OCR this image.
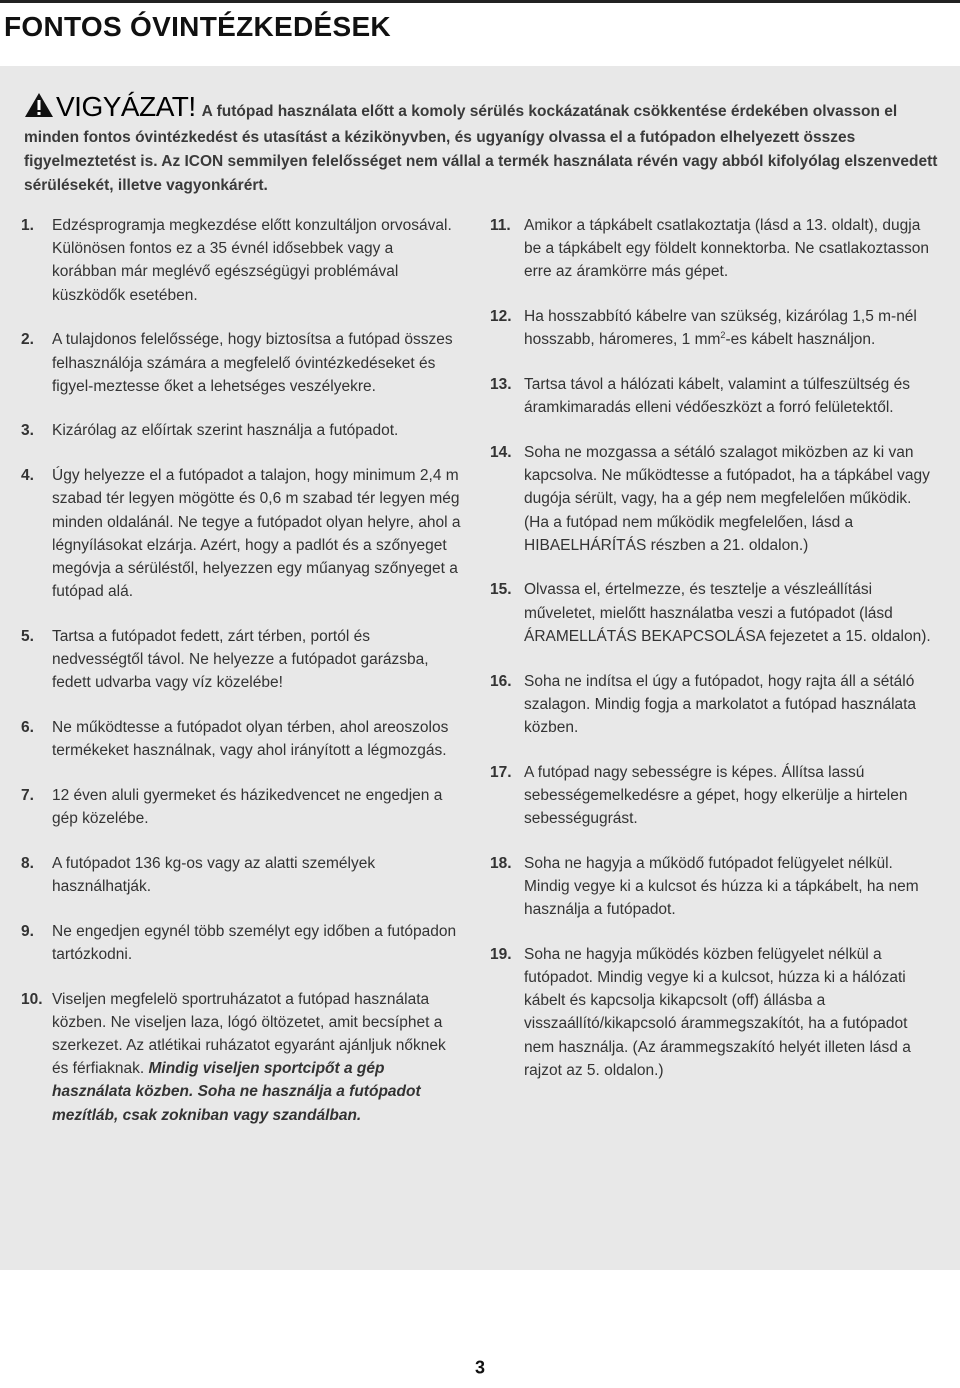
FONTOS ÓVINTÉZKEDÉSEK
VIGYÁZAT! A futópad használata előtt a komoly sérülés kockázatának csökkentése érdekében olvasson el minden fontos óvintézkedést és utasítást a kézikönyvben, és ugyanígy olvassa el a futópadon elhelyezett összes figyelmeztetést is. Az ICON semmilyen felelősséget nem vállal a termék használata révén vagy abból kifolyólag elszenvedett sérülésekét, illetve vagyonkárért.
1.	Edzésprogramja megkezdése előtt konzultáljon orvosával. Különösen fontos ez a 35 évnél idősebbek vagy a korábban már meglévő egészségügyi problémával küszködők esetében.
2.	A tulajdonos felelőssége, hogy biztosítsa a futópad összes felhasználója számára a megfelelő óvintézkedéseket és figyel-meztesse őket a lehetséges veszélyekre.
3.	Kizárólag az előírtak szerint használja a futópadot.
4.	Úgy helyezze el a futópadot a talajon, hogy minimum 2,4 m szabad tér legyen mögötte és 0,6 m szabad tér legyen még minden oldalánál. Ne tegye a futópadot olyan helyre, ahol a légnyílásokat elzárja. Azért, hogy a padlót és a szőnyeget megóvja a sérüléstől, helyezzen egy műanyag szőnyeget a futópad alá.
5.	Tartsa a futópadot fedett, zárt térben, portól és nedvességtől távol. Ne helyezze a futópadot garázsba, fedett udvarba vagy víz közelébe!
6.	Ne működtesse a futópadot olyan térben, ahol areoszolos termékeket használnak, vagy ahol irányított a légmozgás.
7.	12 éven aluli gyermeket és házikedvencet ne engedjen a gép közelébe.
8.	A futópadot 136 kg-os vagy az alatti személyek használhatják.
9.	Ne engedjen egynél több személyt egy időben a futópadon tartózkodni.
10. Viseljen megfelelö sportruházatot a futópad használata közben. Ne viseljen laza, lógó öltözetet, amit becsíphet a szerkezet. Az atlétikai ruházatot egyaránt ajánljuk nőknek és férfiaknak. Mindig viseljen sportcipőt a gép használata közben. Soha ne használja a futópadot mezítláb, csak zokniban vagy szandálban.
11. Amikor a tápkábelt csatlakoztatja (lásd a 13. oldalt), dugja be a tápkábelt egy földelt konnektorba. Ne csatlakoztasson erre az áramkörre más gépet.
12. Ha hosszabbító kábelre van szükség, kizárólag 1,5 m-nél hosszabb, háromeres, 1 $mm^2-es$ kábelt használjon.
13. Tartsa távol a hálózati kábelt, valamint a túlfeszültség és áramkimaradás elleni védőeszközt a forró felületektől.
14. Soha ne mozgassa a sétáló szalagot miközben az ki van kapcsolva. Ne működtesse a futópadot, ha a tápkábel vagy dugója sérült, vagy, ha a gép nem megfelelően működik. (Ha a futópad nem működik megfelelően, lásd a HIBAELHÁRÍTÁS részben a 21. oldalon.)
15. Olvassa el, értelmezze, és tesztelje a vészleállítási műveletet, mielőtt használatba veszi a futópadot (lásd ÁRAMELLÁTÁS BEKAPCSOLÁSA fejezetet a 15. oldalon).
16. Soha ne indítsa el úgy a futópadot, hogy rajta áll a sétáló szalagon. Mindig fogja a markolatot a futópad használata közben.
17. A futópad nagy sebességre is képes. Állítsa lassú sebességemelkedésre a gépet, hogy elkerülje a hirtelen sebességugrást.
18. Soha ne hagyja a működő futópadot felügyelet nélkül. Mindig vegye ki a kulcsot és húzza ki a tápkábelt, ha nem használja a futópadot.
19. Soha ne hagyja működés közben felügyelet nélkül a futópadot. Mindig vegye ki a kulcsot, húzza ki a hálózati kábelt és kapcsolja kikapcsolt (off) állásba a visszaállító/kikapcsoló árammegszakítót, ha a futópadot nem használja. (Az árammegszakító helyét illeten lásd a rajzot az 5. oldalon.)
3
